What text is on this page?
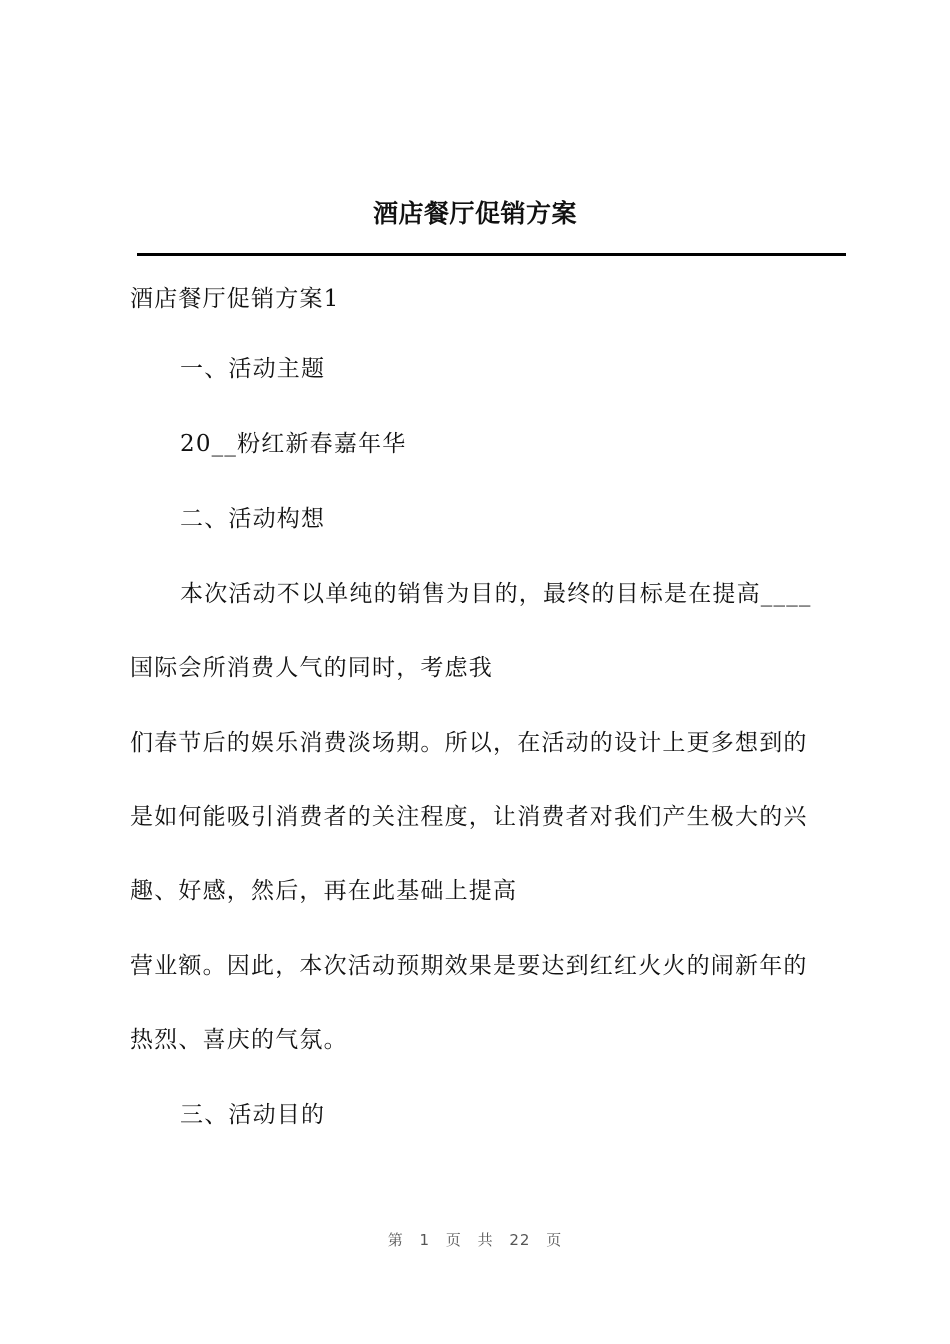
酒店餐厅促销方案
酒店餐厅促销方案1
一、活动主题
20__粉红新春嘉年华
二、活动构想
本次活动不以单纯的销售为目的，最终的目标是在提高____
国际会所消费人气的同时，考虑我
们春节后的娱乐消费淡场期。所以，在活动的设计上更多想到的
是如何能吸引消费者的关注程度，让消费者对我们产生极大的兴
趣、好感，然后，再在此基础上提高
营业额。因此，本次活动预期效果是要达到红红火火的闹新年的
热烈、喜庆的气氛。
三、活动目的
第 1 页 共 22 页
